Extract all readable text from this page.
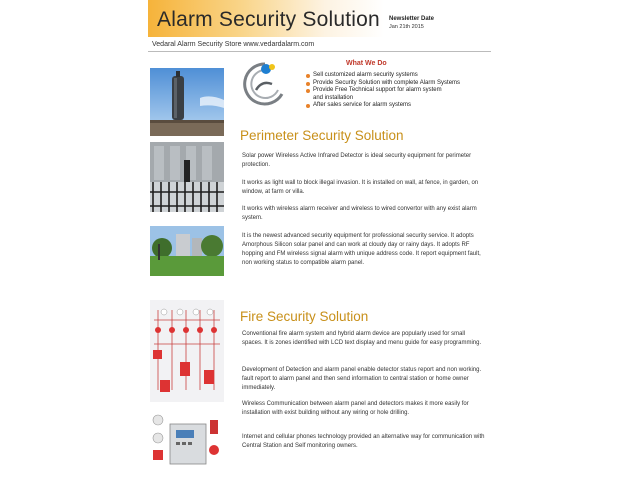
Alarm Security Solution Newsletter Date
Jan 21th 2015
Vedaral Alarm Security Store www.vedardalarm.com
What We Do
Sell customized alarm security systems
Provide Security Solution with complete Alarm Systems
Provide Free Technical support for alarm system
and installation
After sales service for alarm systems
Perimeter Security Solution

Solar power Wireless Active Infrared Detector is ideal security equipment for perimeter protection.

It works as light wall to block illegal invasion. It is installed on wall, at fence, in garden, on window, at farm or villa.

It works with wireless alarm receiver and wireless to wired convertor with any exist alarm system.

It is the newest advanced security equipment for professional security service. It adopts Amorphous Silicon solar panel and can work at cloudy day or rainy days. It adopts RF hopping and FM wireless signal alarm with unique address code. It report equipment fault, non working status to compatible alarm panel.

Fire Security Solution

Conventional fire alarm system and hybrid alarm device are popularly used for small spaces. It is zones identified with LCD text display and menu guide for easy programming.

Development of Detection and alarm panel enable detector status report and non working. fault report to alarm panel and then send information to central station or home owner immediately.

Wireless Communication between alarm panel and detectors makes it more easily for installation with exist building without any wiring or hole drilling.

Internet and cellular phones technology provided an alternative way for communication with Central Station and Self monitoring owners.
